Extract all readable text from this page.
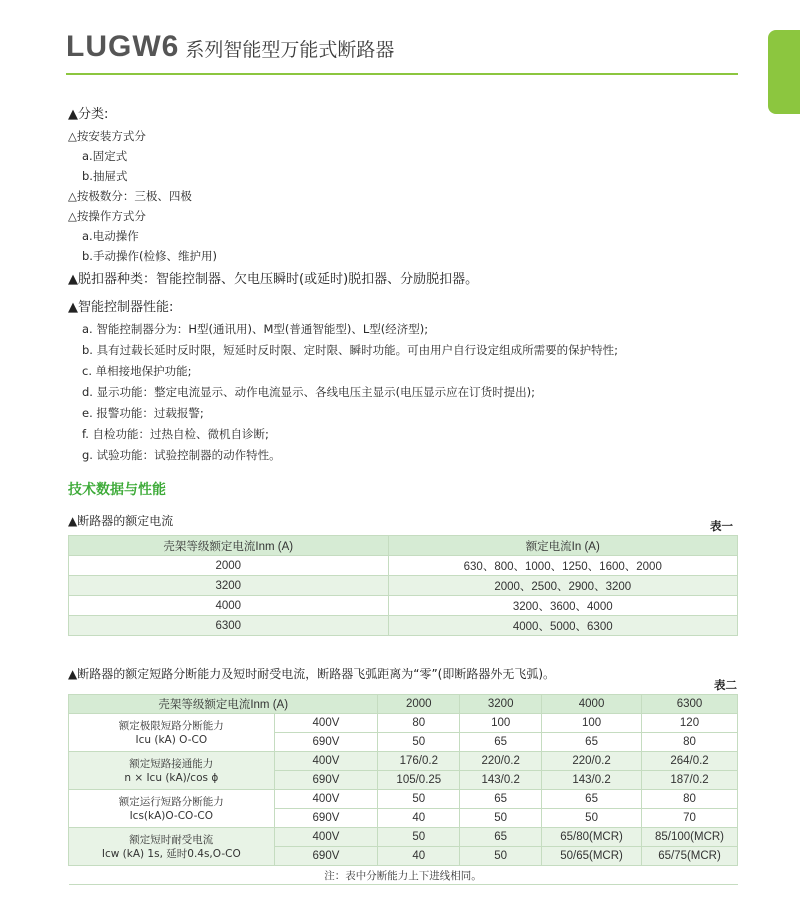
LUGW6 系列智能型万能式断路器
▲分类:
△按安装方式分
a.固定式
b.抽屉式
△按极数分：三极、四极
△按操作方式分
a.电动操作
b.手动操作(检修、维护用)
▲脱扣器种类：智能控制器、欠电压瞬时(或延时)脱扣器、分励脱扣器。
▲智能控制器性能:
a. 智能控制器分为：H型(通讯用)、M型(普通智能型)、L型(经济型);
b. 具有过载长延时反时限，短延时反时限、定时限、瞬时功能。可由用户自行设定组成所需要的保护特性;
c. 单相接地保护功能;
d. 显示功能：整定电流显示、动作电流显示、各线电压主显示(电压显示应在订货时提出);
e. 报警功能：过载报警;
f. 自检功能：过热自检、微机自诊断;
g. 试验功能：试验控制器的动作特性。
技术数据与性能
▲断路器的额定电流	表一
壳架等级额定电流Inm (A)	额定电流In (A)
2000	630、800、1000、1250、1600、2000
3200	2000、2500、2900、3200
4000	3200、3600、4000
6300	4000、5000、6300
▲断路器的额定短路分断能力及短时耐受电流，断路器飞弧距离为“零”(即断路器外无飞弧)。
表二
壳架等级额定电流Inm (A)		2000	3200	4000	6300

额定极限短路分断能力
Icu (kA) O-CO	400V	80	100	100	120
	690V	50	65	65	80

额定短路接通能力
n × Icu (kA)/cos ϕ	400V	176/0.2	220/0.2	220/0.2	264/0.2
	690V	105/0.25	143/0.2	143/0.2	187/0.2

额定运行短路分断能力
Ics(kA)O-CO-CO	400V	50	65	65	80
	690V	40	50	50	70

额定短时耐受电流
Icw (kA) 1s, 延时0.4s,O-CO	400V	50	65	65/80(MCR)	85/100(MCR)
	690V	40	50	50/65(MCR)	65/75(MCR)
注：表中分断能力上下进线相同。					
